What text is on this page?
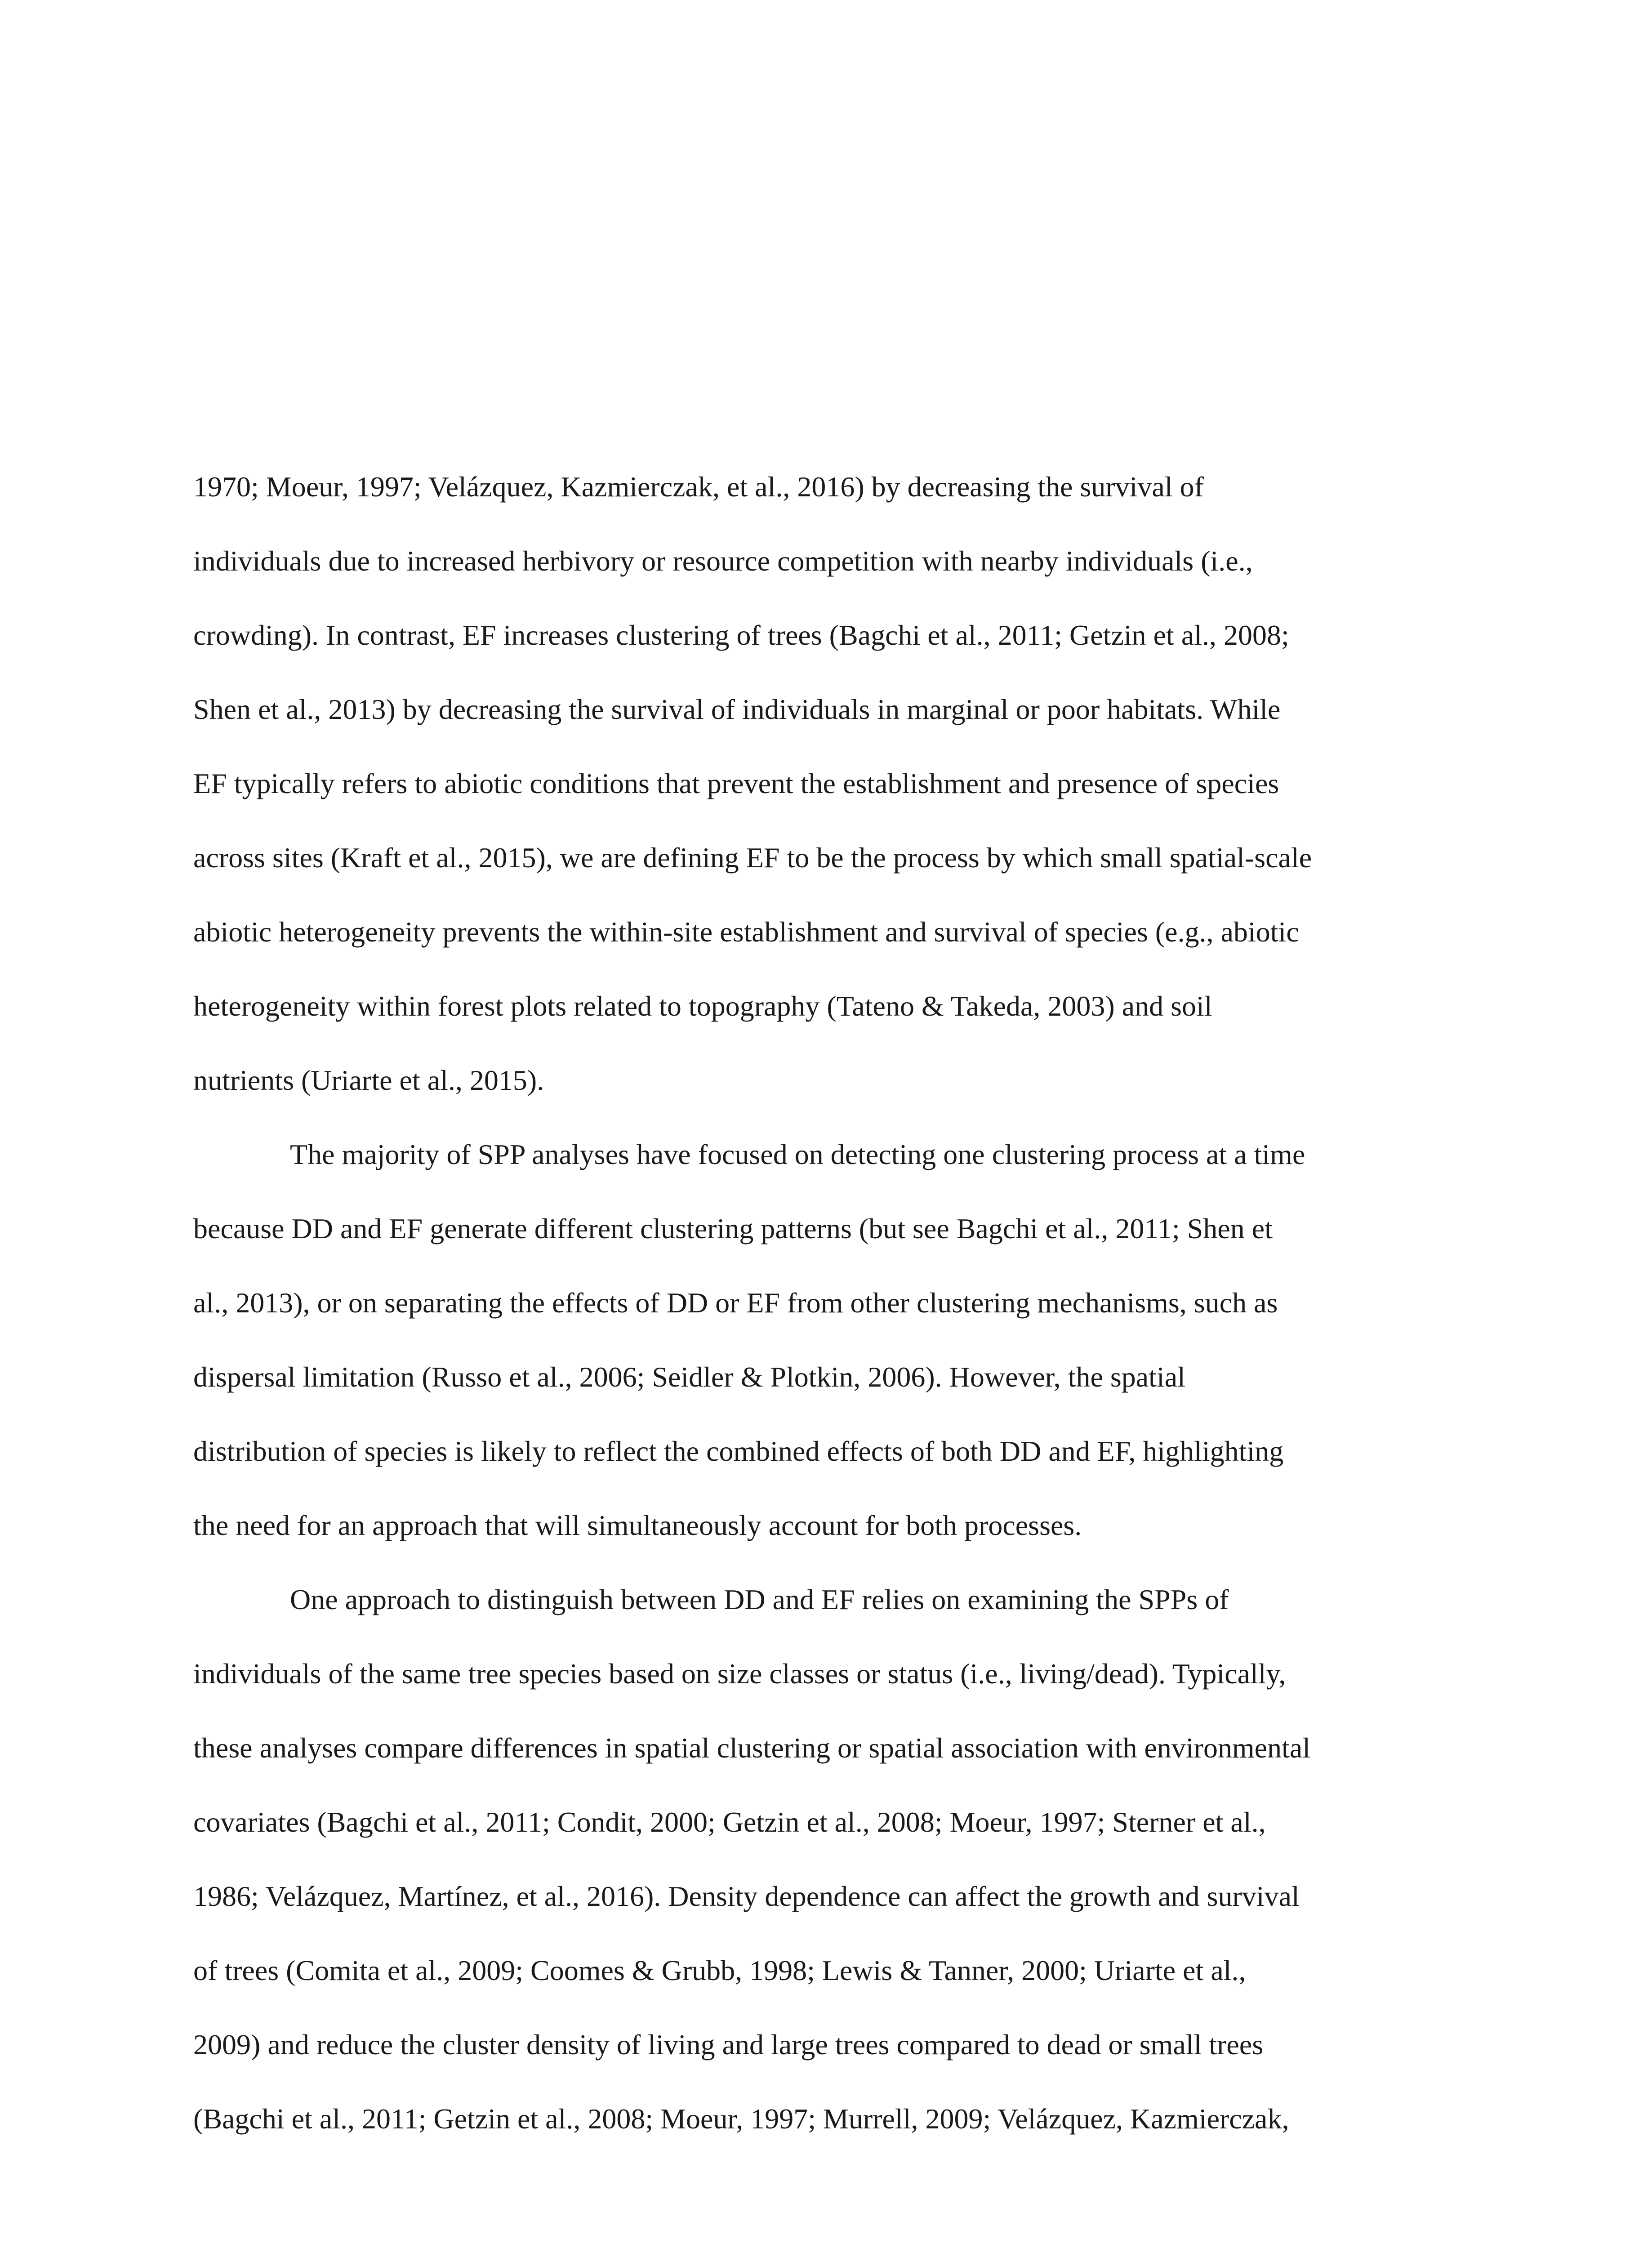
1970; Moeur, 1997; Velázquez, Kazmierczak, et al., 2016) by decreasing the survival of
individuals due to increased herbivory or resource competition with nearby individuals (i.e.,
crowding). In contrast, EF increases clustering of trees (Bagchi et al., 2011; Getzin et al., 2008;
Shen et al., 2013) by decreasing the survival of individuals in marginal or poor habitats. While
EF typically refers to abiotic conditions that prevent the establishment and presence of species
across sites (Kraft et al., 2015), we are defining EF to be the process by which small spatial-scale
abiotic heterogeneity prevents the within-site establishment and survival of species (e.g., abiotic
heterogeneity within forest plots related to topography (Tateno & Takeda, 2003) and soil
nutrients (Uriarte et al., 2015).
The majority of SPP analyses have focused on detecting one clustering process at a time
because DD and EF generate different clustering patterns (but see Bagchi et al., 2011; Shen et
al., 2013), or on separating the effects of DD or EF from other clustering mechanisms, such as
dispersal limitation (Russo et al., 2006; Seidler & Plotkin, 2006). However, the spatial
distribution of species is likely to reflect the combined effects of both DD and EF, highlighting
the need for an approach that will simultaneously account for both processes.
One approach to distinguish between DD and EF relies on examining the SPPs of
individuals of the same tree species based on size classes or status (i.e., living/dead). Typically,
these analyses compare differences in spatial clustering or spatial association with environmental
covariates (Bagchi et al., 2011; Condit, 2000; Getzin et al., 2008; Moeur, 1997; Sterner et al.,
1986; Velázquez, Martínez, et al., 2016). Density dependence can affect the growth and survival
of trees (Comita et al., 2009; Coomes & Grubb, 1998; Lewis & Tanner, 2000; Uriarte et al.,
2009) and reduce the cluster density of living and large trees compared to dead or small trees
(Bagchi et al., 2011; Getzin et al., 2008; Moeur, 1997; Murrell, 2009; Velázquez, Kazmierczak,
